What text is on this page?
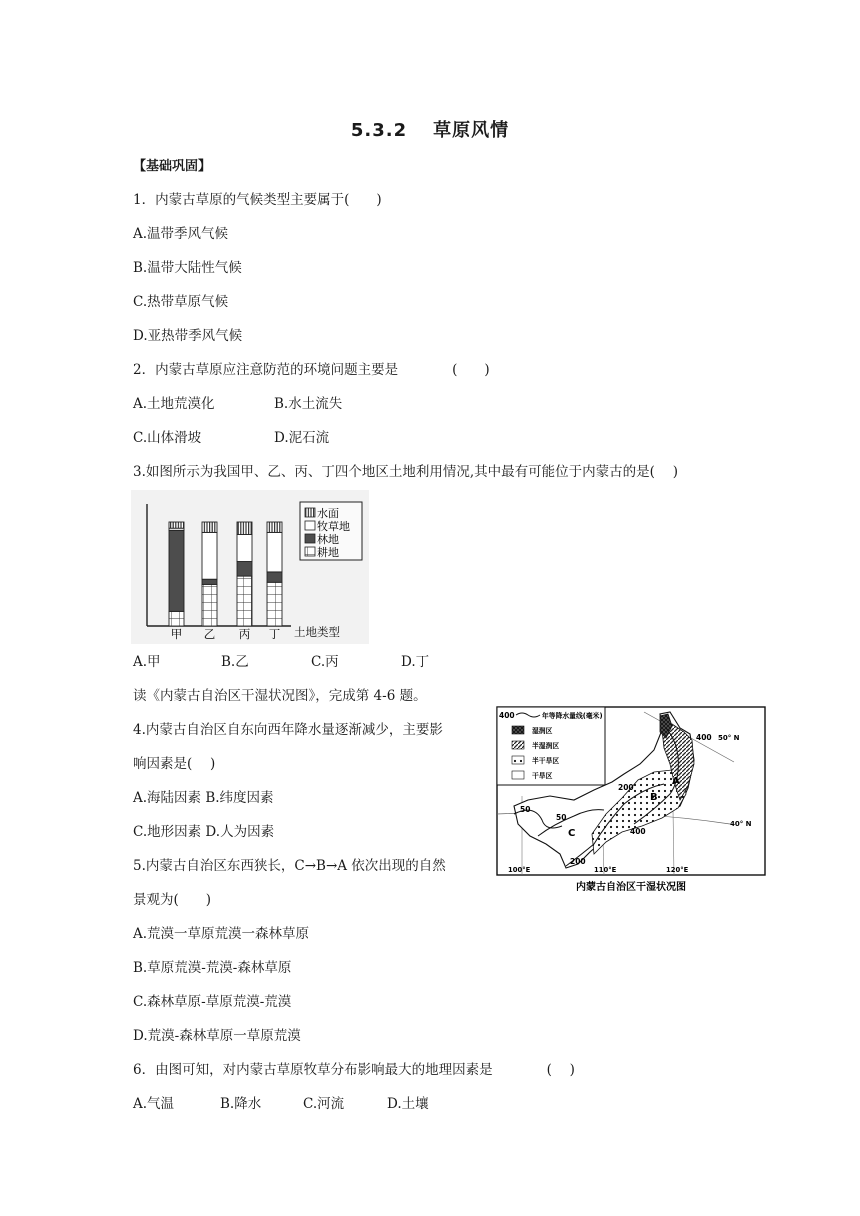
5.3.2 草原风情
【基础巩固】
1．内蒙古草原的气候类型主要属于(　　)
A.温带季风气候
B.温带大陆性气候
C.热带草原气候
D.亚热带季风气候
2．内蒙古草原应注意防范的环境问题主要是　　　　(　　)
A.土地荒漠化	B.水土流失
C.山体滑坡	D.泥石流
3.如图所示为我国甲、乙、丙、丁四个地区土地利用情况,其中最有可能位于内蒙古的是(　 )
甲 乙 丙 丁 土地类型
水面
牧草地
林地
耕地
A.甲	B.乙	C.丙	D.丁
读《内蒙古自治区干湿状况图》，完成第 4-6 题。
4.内蒙古自治区自东向西年降水量逐渐减少，主要影
响因素是(　 )
A.海陆因素 B.纬度因素
C.地形因素 D.人为因素
5.内蒙古自治区东西狭长，C→B→A 依次出现的自然
景观为(　　)
A.荒漠一草原荒漠一森林草原
B.草原荒漠-荒漠-森林草原
C.森林草原-草原荒漠-荒漠
D.荒漠-森林草原一草原荒漠
6．由图可知，对内蒙古草原牧草分布影响最大的地理因素是　　　　(　 )
A.气温	B.降水	C.河流	D.土壤
400	年等降水量线(毫米)
湿润区
半湿润区
半干旱区
干旱区
400 50° N
40° N
200
50
50
400
200
A
B
C
100°E	110°E	120°E
内蒙古自治区干湿状况图
